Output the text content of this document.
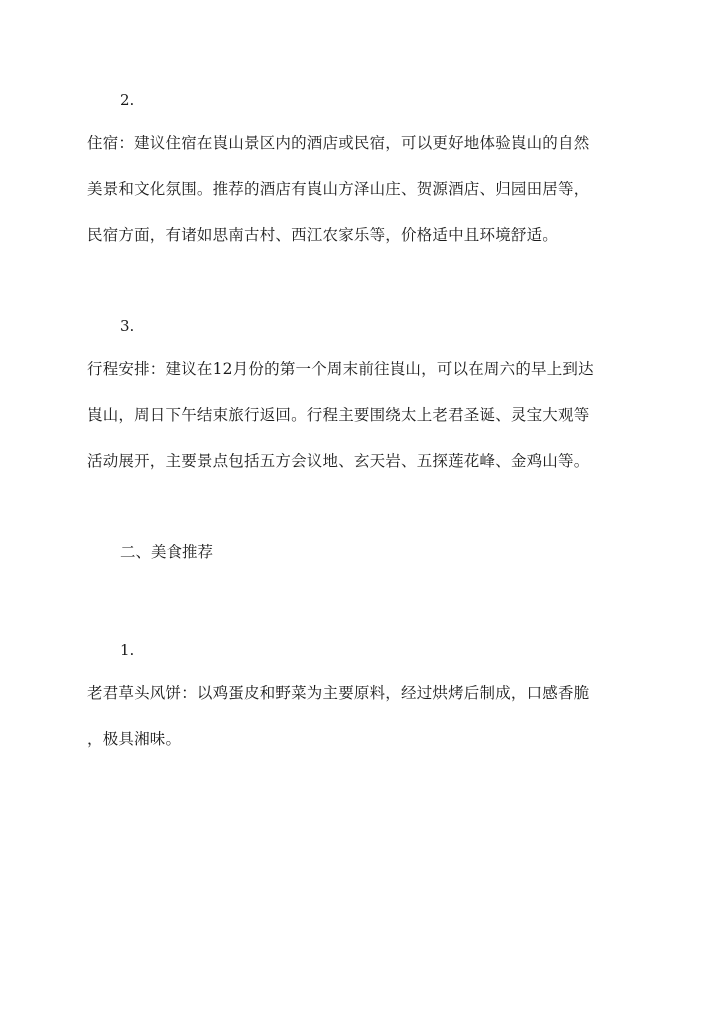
2.
住宿：建议住宿在崀山景区内的酒店或民宿，可以更好地体验崀山的自然
美景和文化氛围。推荐的酒店有崀山方泽山庄、贺源酒店、归园田居等，
民宿方面，有诸如思南古村、西江农家乐等，价格适中且环境舒适。
3.
行程安排：建议在12月份的第一个周末前往崀山，可以在周六的早上到达
崀山，周日下午结束旅行返回。行程主要围绕太上老君圣诞、灵宝大观等
活动展开，主要景点包括五方会议地、玄天岩、五探莲花峰、金鸡山等。
二、美食推荐
1.
老君草头风饼：以鸡蛋皮和野菜为主要原料，经过烘烤后制成，口感香脆
，极具湘味。
